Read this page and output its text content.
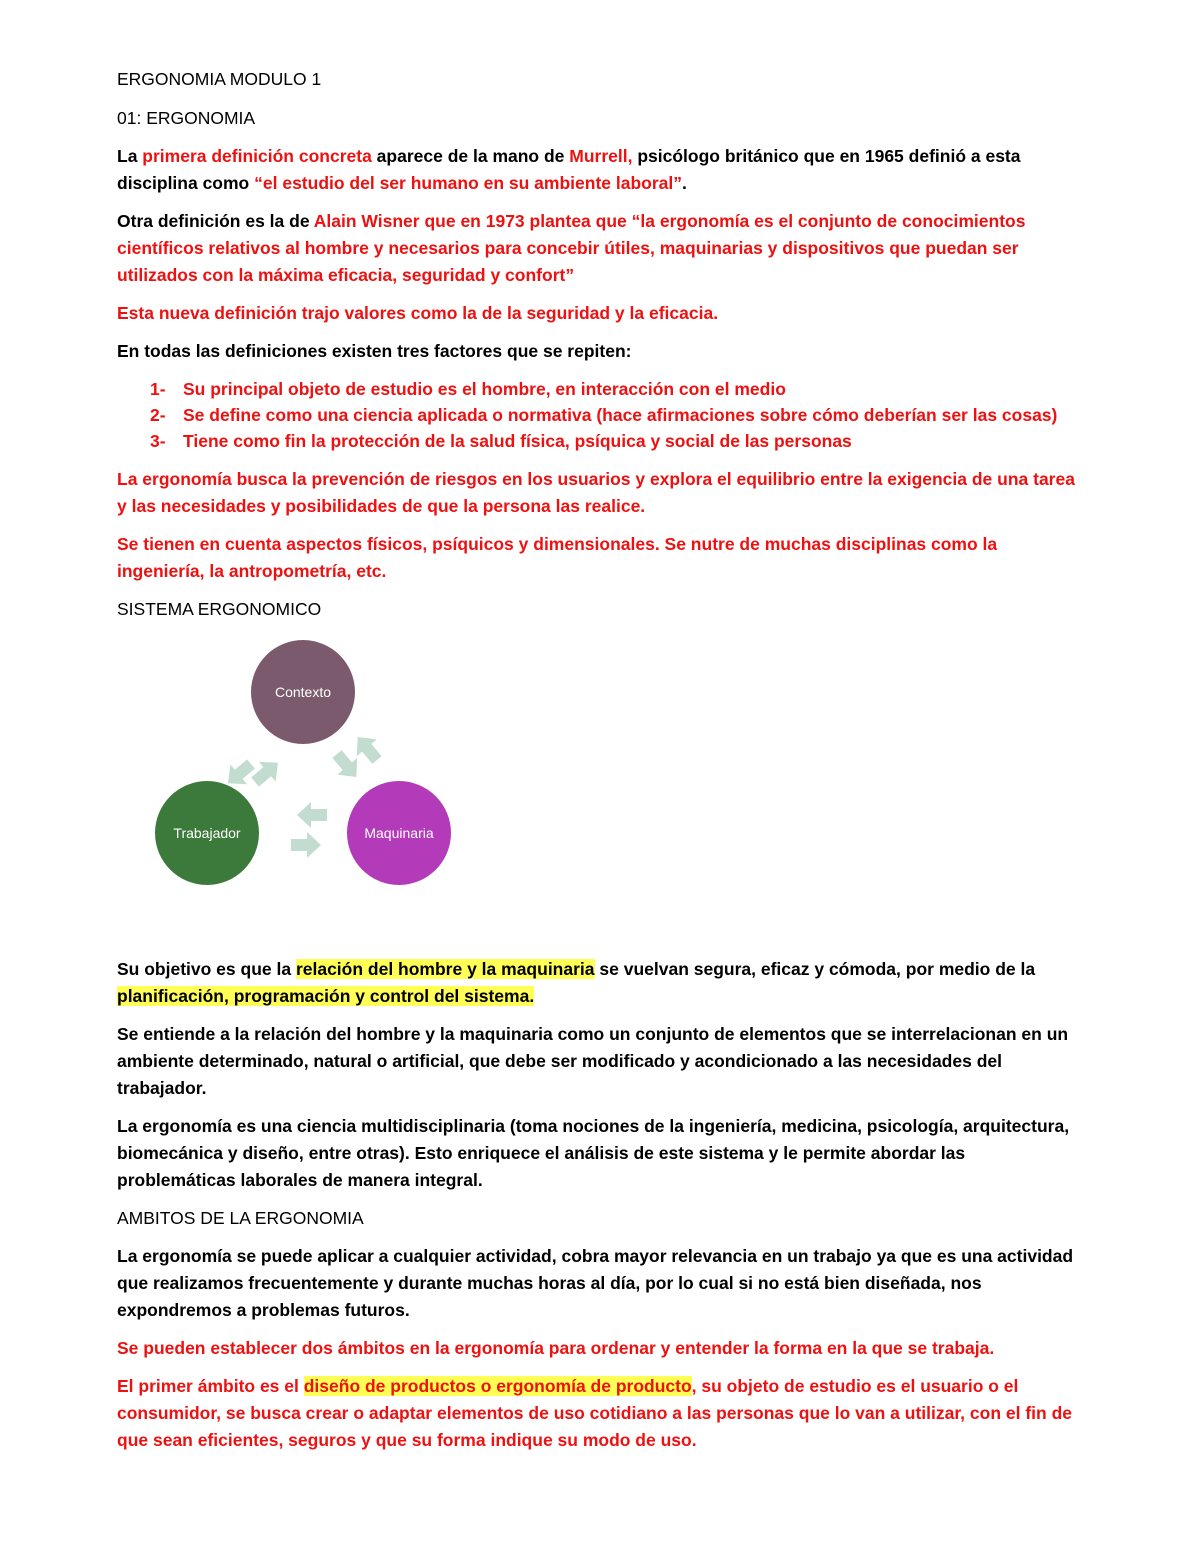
ERGONOMIA MODULO 1

01: ERGONOMIA

La primera definición concreta aparece de la mano de Murrell, psicólogo británico que en 1965 definió a esta disciplina como “el estudio del ser humano en su ambiente laboral”.

Otra definición es la de Alain Wisner que en 1973 plantea que “la ergonomía es el conjunto de conocimientos científicos relativos al hombre y necesarios para concebir útiles, maquinarias y dispositivos que puedan ser utilizados con la máxima eficacia, seguridad y confort”

Esta nueva definición trajo valores como la de la seguridad y la eficacia.

En todas las definiciones existen tres factores que se repiten:

1- Su principal objeto de estudio es el hombre, en interacción con el medio
2- Se define como una ciencia aplicada o normativa (hace afirmaciones sobre cómo deberían ser las cosas)
3- Tiene como fin la protección de la salud física, psíquica y social de las personas

La ergonomía busca la prevención de riesgos en los usuarios y explora el equilibrio entre la exigencia de una tarea y las necesidades y posibilidades de que la persona las realice.

Se tienen en cuenta aspectos físicos, psíquicos y dimensionales. Se nutre de muchas disciplinas como la ingeniería, la antropometría, etc.

SISTEMA ERGONOMICO

Contexto
Trabajador	Maquinaria

Su objetivo es que la relación del hombre y la maquinaria se vuelvan segura, eficaz y cómoda, por medio de la planificación, programación y control del sistema.

Se entiende a la relación del hombre y la maquinaria como un conjunto de elementos que se interrelacionan en un ambiente determinado, natural o artificial, que debe ser modificado y acondicionado a las necesidades del trabajador.

La ergonomía es una ciencia multidisciplinaria (toma nociones de la ingeniería, medicina, psicología, arquitectura, biomecánica y diseño, entre otras). Esto enriquece el análisis de este sistema y le permite abordar las problemáticas laborales de manera integral.

AMBITOS DE LA ERGONOMIA

La ergonomía se puede aplicar a cualquier actividad, cobra mayor relevancia en un trabajo ya que es una actividad que realizamos frecuentemente y durante muchas horas al día, por lo cual si no está bien diseñada, nos expondremos a problemas futuros.

Se pueden establecer dos ámbitos en la ergonomía para ordenar y entender la forma en la que se trabaja.

El primer ámbito es el diseño de productos o ergonomía de producto, su objeto de estudio es el usuario o el consumidor, se busca crear o adaptar elementos de uso cotidiano a las personas que lo van a utilizar, con el fin de que sean eficientes, seguros y que su forma indique su modo de uso.
